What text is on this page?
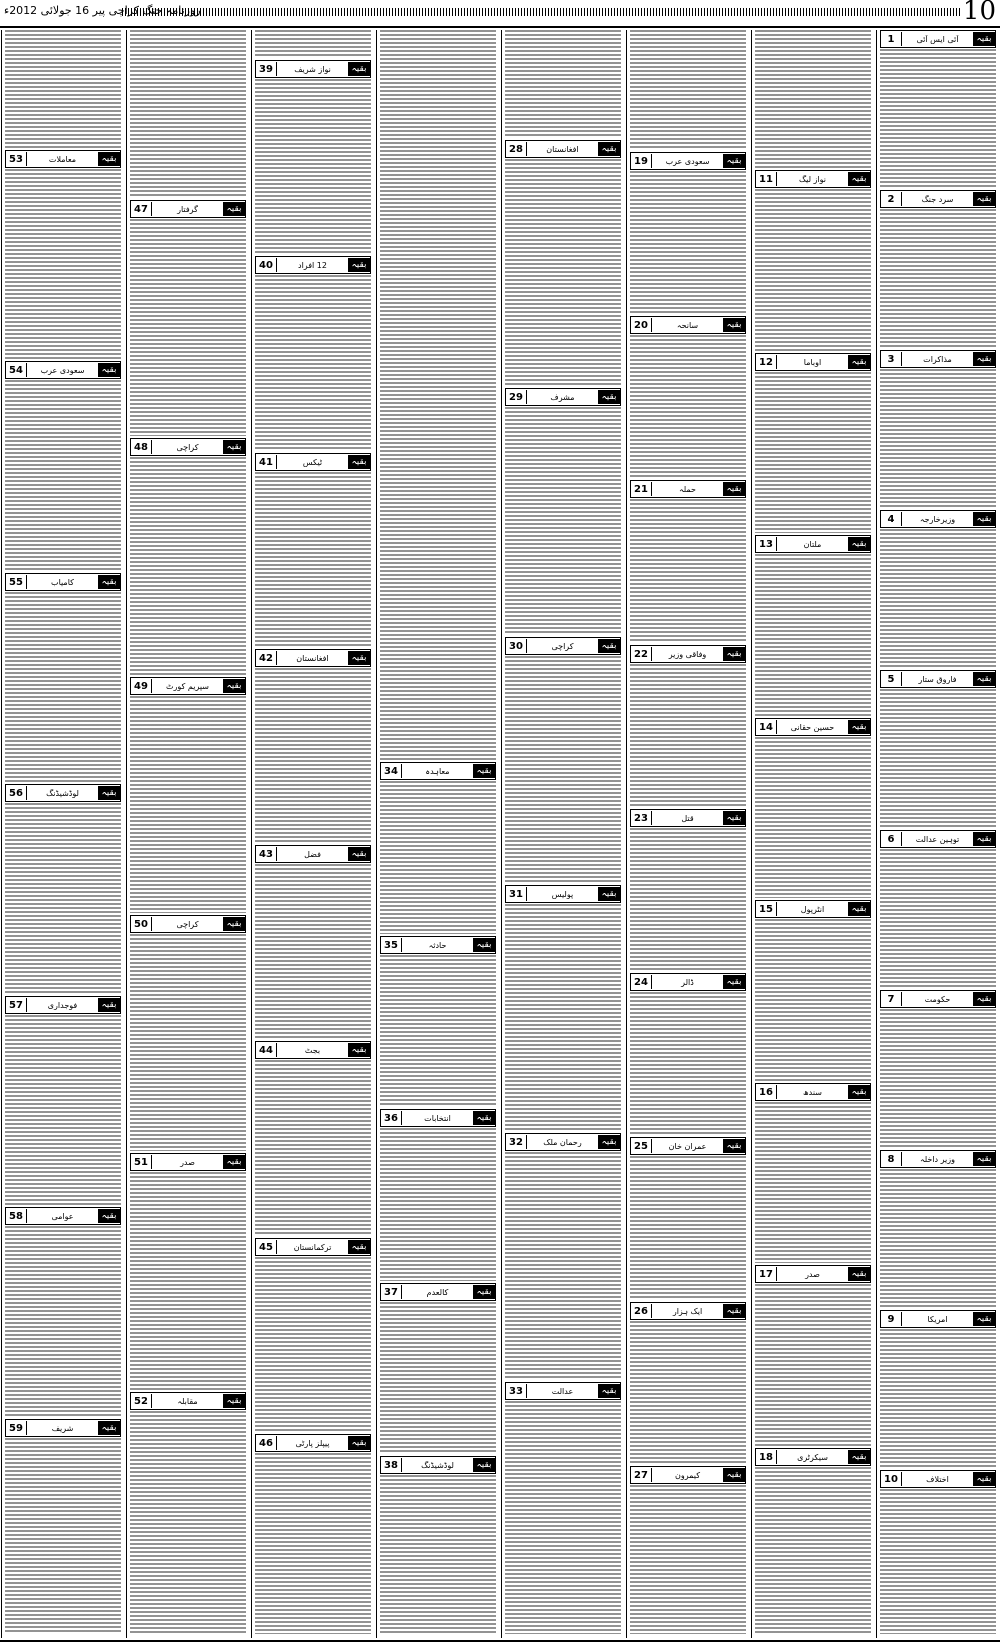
10
روزنامہ جنگ کراچی پیر 16 جولائی 2012ء
بقیہ
آئی ایس آئی
1
بقیہ
سرد جنگ
2
بقیہ
مذاکرات
3
بقیہ
وزیرخارجہ
4
بقیہ
فاروق ستار
5
بقیہ
توہین عدالت
6
بقیہ
حکومت
7
بقیہ
وزیر داخلہ
8
بقیہ
امریکا
9
بقیہ
اختلاف
10
بقیہ
نواز لیگ
11
بقیہ
اوباما
12
بقیہ
ملتان
13
بقیہ
حسین حقانی
14
بقیہ
انٹرپول
15
بقیہ
سندھ
16
بقیہ
صدر
17
بقیہ
سیکرٹری
18
بقیہ
سعودی عرب
19
بقیہ
سانحہ
20
بقیہ
حملہ
21
بقیہ
وفاقی وزیر
22
بقیہ
قتل
23
بقیہ
ڈالر
24
بقیہ
عمران خان
25
بقیہ
ایک ہزار
26
بقیہ
کیمرون
27
بقیہ
افغانستان
28
بقیہ
مشرف
29
بقیہ
کراچی
30
بقیہ
پولیس
31
بقیہ
رحمان ملک
32
بقیہ
عدالت
33
بقیہ
معاہدہ
34
بقیہ
حادثہ
35
بقیہ
انتخابات
36
بقیہ
کالعدم
37
بقیہ
لوڈشیڈنگ
38
بقیہ
نواز شریف
39
بقیہ
12 افراد
40
بقیہ
ٹیکس
41
بقیہ
افغانستان
42
بقیہ
فضل
43
بقیہ
بجٹ
44
بقیہ
ترکمانستان
45
بقیہ
پیپلز پارٹی
46
بقیہ
گرفتار
47
بقیہ
کراچی
48
بقیہ
سپریم کورٹ
49
بقیہ
کراچی
50
بقیہ
صدر
51
بقیہ
مقابلہ
52
بقیہ
معاملات
53
بقیہ
سعودی عرب
54
بقیہ
کامیاب
55
بقیہ
لوڈشیڈنگ
56
بقیہ
فوجداری
57
بقیہ
عوامی
58
بقیہ
شریف
59
